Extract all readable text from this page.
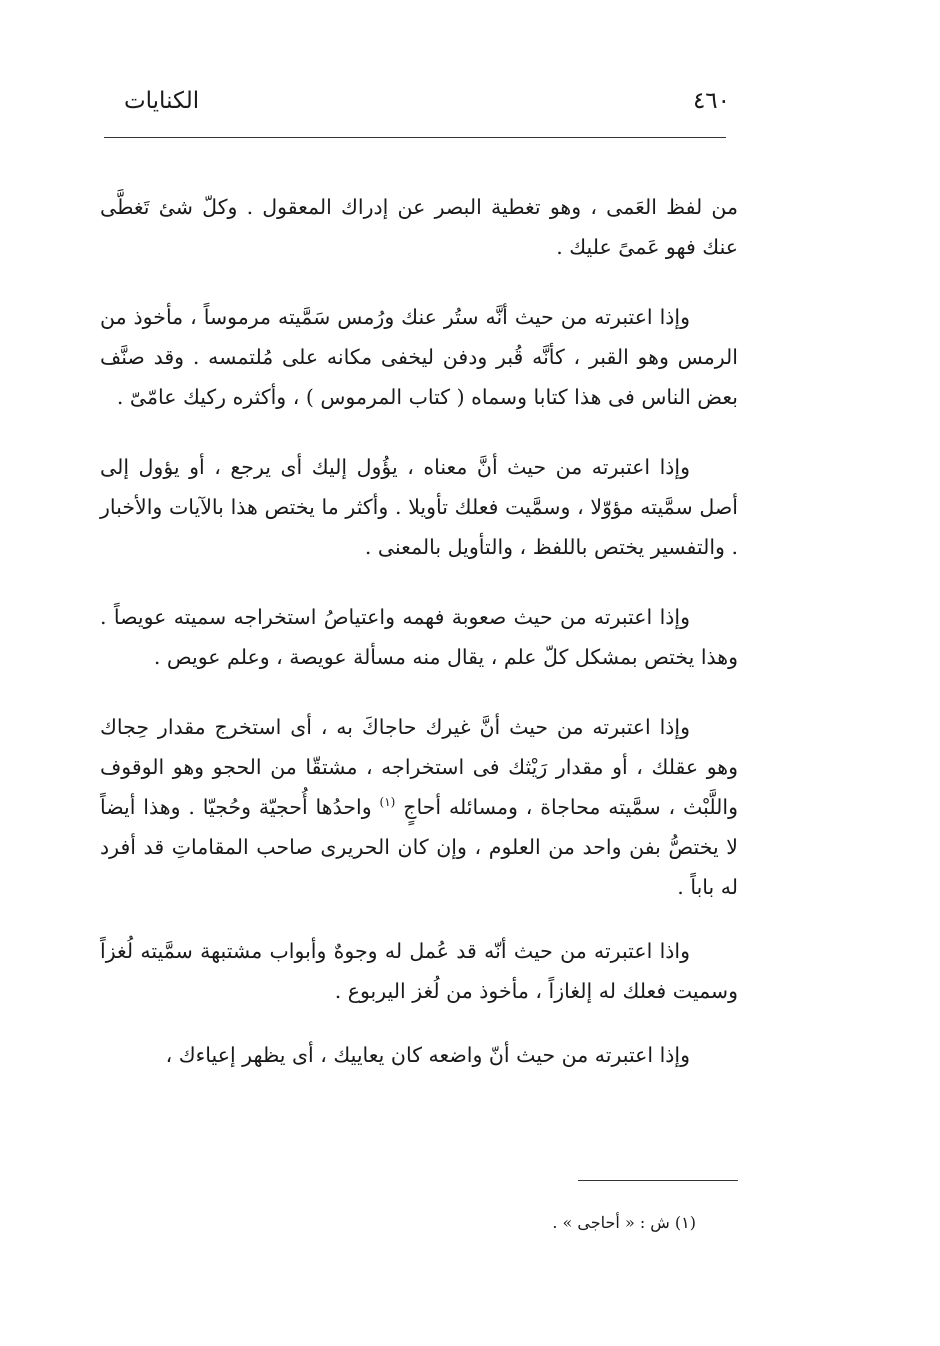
٤٦٠
الكنايات

من لفظ العَمى ، وهو تغطية البصر عن إدراك المعقول . وكلّ شئ تَغطَّى عنك فهو عَمىً عليك .

وإذا اعتبرته من حيث أنَّه ستُر عنك ورُمس سَمَّيته مرموساً ، مأخوذ من الرمس وهو القبر ، كأنَّه قُبر ودفن ليخفى مكانه على مُلتمسه . وقد صنَّف بعض الناس فى هذا كتابا وسماه ( كتاب المرموس ) ، وأكثره ركيك عامّىّ .

وإذا اعتبرته من حيث أنَّ معناه ، يؤُول إليك أى يرجع ، أو يؤول إلى أصل سمَّيته مؤوّلا ، وسمَّيت فعلك تأويلا . وأكثر ما يختص هذا بالآيات والأخبار . والتفسير يختص باللفظ ، والتأويل بالمعنى .

وإذا اعتبرته من حيث صعوبة فهمه واعتياصُ استخراجه سميته عويصاً . وهذا يختص بمشكل كلّ علم ، يقال منه مسألة عويصة ، وعلم عويص .

وإذا اعتبرته من حيث أنَّ غيرك حاجاكَ به ، أى استخرج مقدار حِجاك وهو عقلك ، أو مقدار رَيْثك فى استخراجه ، مشتقّا من الحجو وهو الوقوف واللَّبْث ، سمَّيته محاجاة ، ومسائله أحاجٍ $^{(١)}$ واحدُها أُحجيّة وحُجيّا . وهذا أيضاً لا يختصُّ بفن واحد من العلوم ، وإن كان الحريرى صاحب المقاماتِ قد أفرد له باباً .

واذا اعتبرته من حيث أنّه قد عُمل له وجوهٌ وأبواب مشتبهة سمَّيته لُغزاً وسميت فعلك له إلغازاً ، مأخوذ من لُغز اليربوع .

وإذا اعتبرته من حيث أنّ واضعه كان يعاييك ، أى يظهر إعياءك ،

(١) ش : « أحاجى » .
